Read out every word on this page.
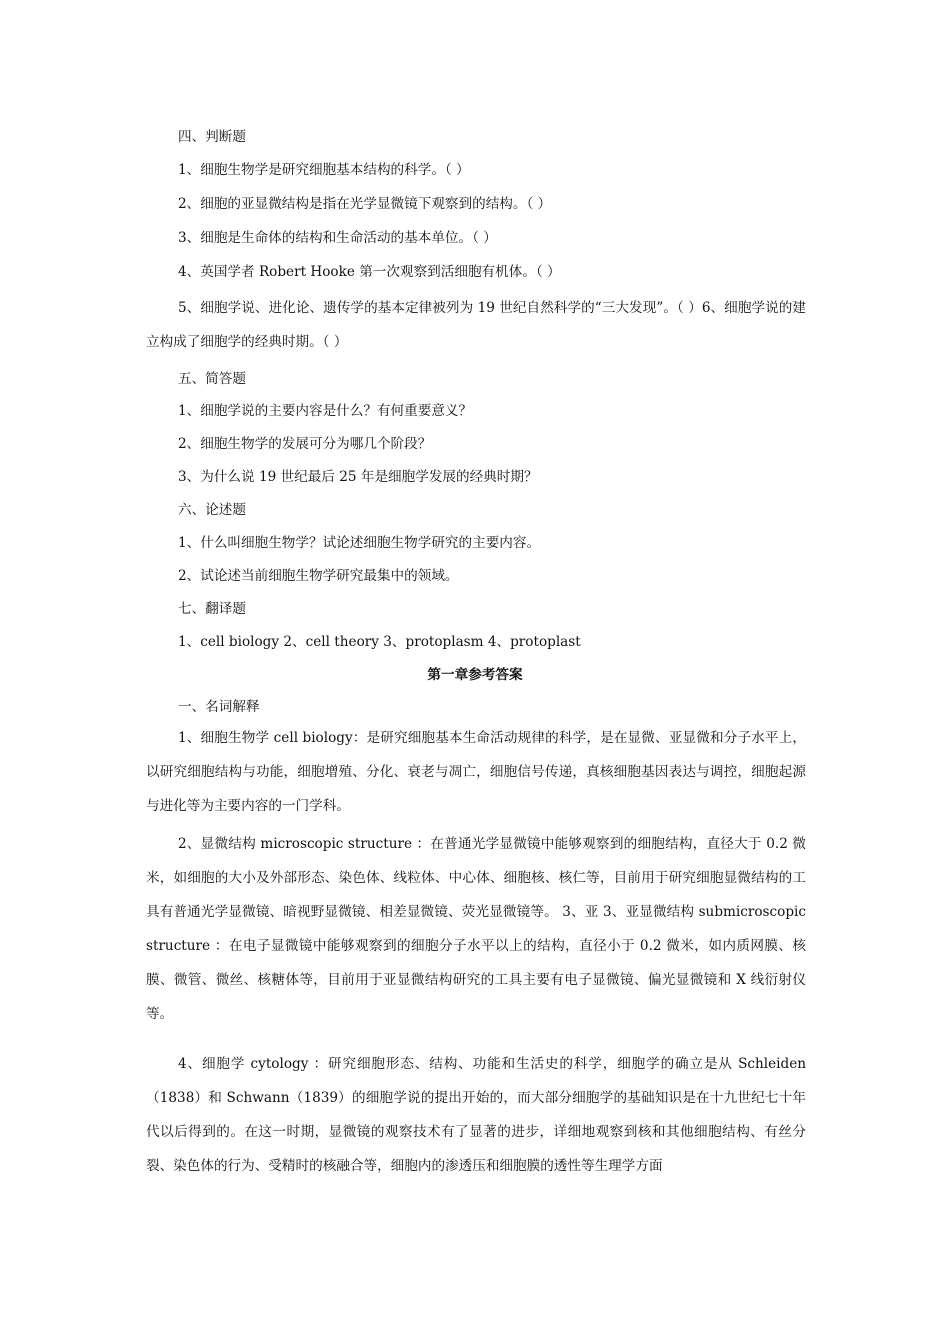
四、判断题

1、细胞生物学是研究细胞基本结构的科学。（ ）

2、细胞的亚显微结构是指在光学显微镜下观察到的结构。（ ）

3、细胞是生命体的结构和生命活动的基本单位。（ ）

4、英国学者 Robert Hooke 第一次观察到活细胞有机体。（ ）

5、细胞学说、进化论、遗传学的基本定律被列为 19 世纪自然科学的“三大发现”。（ ）6、细胞学说的建立构成了细胞学的经典时期。（ ）

五、简答题

1、细胞学说的主要内容是什么？有何重要意义？

2、细胞生物学的发展可分为哪几个阶段？

3、为什么说 19 世纪最后 25 年是细胞学发展的经典时期？

六、论述题

1、什么叫细胞生物学？试论述细胞生物学研究的主要内容。

2、试论述当前细胞生物学研究最集中的领域。

七、翻译题

1、cell biology 2、cell theory 3、protoplasm 4、protoplast

第一章参考答案

一、名词解释

1、细胞生物学 cell biology：是研究细胞基本生命活动规律的科学，是在显微、亚显微和分子水平上，以研究细胞结构与功能，细胞增殖、分化、衰老与凋亡，细胞信号传递，真核细胞基因表达与调控，细胞起源与进化等为主要内容的一门学科。

2、显微结构 microscopic structure ：在普通光学显微镜中能够观察到的细胞结构，直径大于 0.2 微米，如细胞的大小及外部形态、染色体、线粒体、中心体、细胞核、核仁等，目前用于研究细胞显微结构的工具有普通光学显微镜、暗视野显微镜、相差显微镜、荧光显微镜等。 3、亚 3、亚显微结构 submicroscopic structure ：在电子显微镜中能够观察到的细胞分子水平以上的结构，直径小于 0.2 微米，如内质网膜、核膜、微管、微丝、核糖体等，目前用于亚显微结构研究的工具主要有电子显微镜、偏光显微镜和 X 线衍射仪等。

4、细胞学 cytology ：研究细胞形态、结构、功能和生活史的科学，细胞学的确立是从 Schleiden（1838）和 Schwann（1839）的细胞学说的提出开始的，而大部分细胞学的基础知识是在十九世纪七十年代以后得到的。在这一时期，显微镜的观察技术有了显著的进步，详细地观察到核和其他细胞结构、有丝分裂、染色体的行为、受精时的核融合等，细胞内的渗透压和细胞膜的透性等生理学方面
